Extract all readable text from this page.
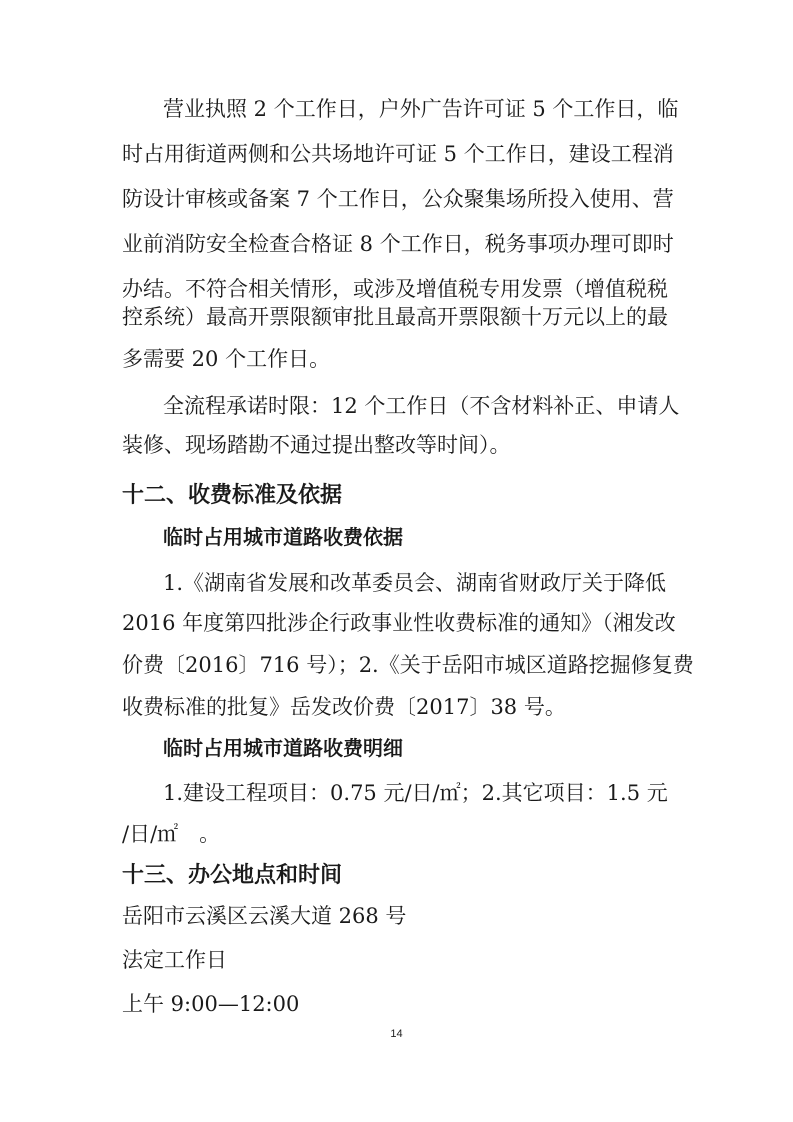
营业执照 2 个工作日，户外广告许可证 5 个工作日，临
时占用街道两侧和公共场地许可证 5 个工作日，建设工程消
防设计审核或备案 7 个工作日，公众聚集场所投入使用、营
业前消防安全检查合格证 8 个工作日，税务事项办理可即时
办结。不符合相关情形，或涉及增值税专用发票（增值税税
控系统）最高开票限额审批且最高开票限额十万元以上的最
多需要 20 个工作日。
全流程承诺时限：12 个工作日（不含材料补正、申请人
装修、现场踏勘不通过提出整改等时间）。
十二、收费标准及依据
临时占用城市道路收费依据
1.《湖南省发展和改革委员会、湖南省财政厅关于降低
2016 年度第四批涉企行政事业性收费标准的通知》（湘发改
价费〔2016〕716 号）；2.《关于岳阳市城区道路挖掘修复费
收费标准的批复》岳发改价费〔2017〕38 号。
临时占用城市道路收费明细
1.建设工程项目：0.75 元/日/㎡；2.其它项目：1.5 元
/日/㎡　。
十三、办公地点和时间
岳阳市云溪区云溪大道 268 号
法定工作日
上午 9:00—12:00
14
